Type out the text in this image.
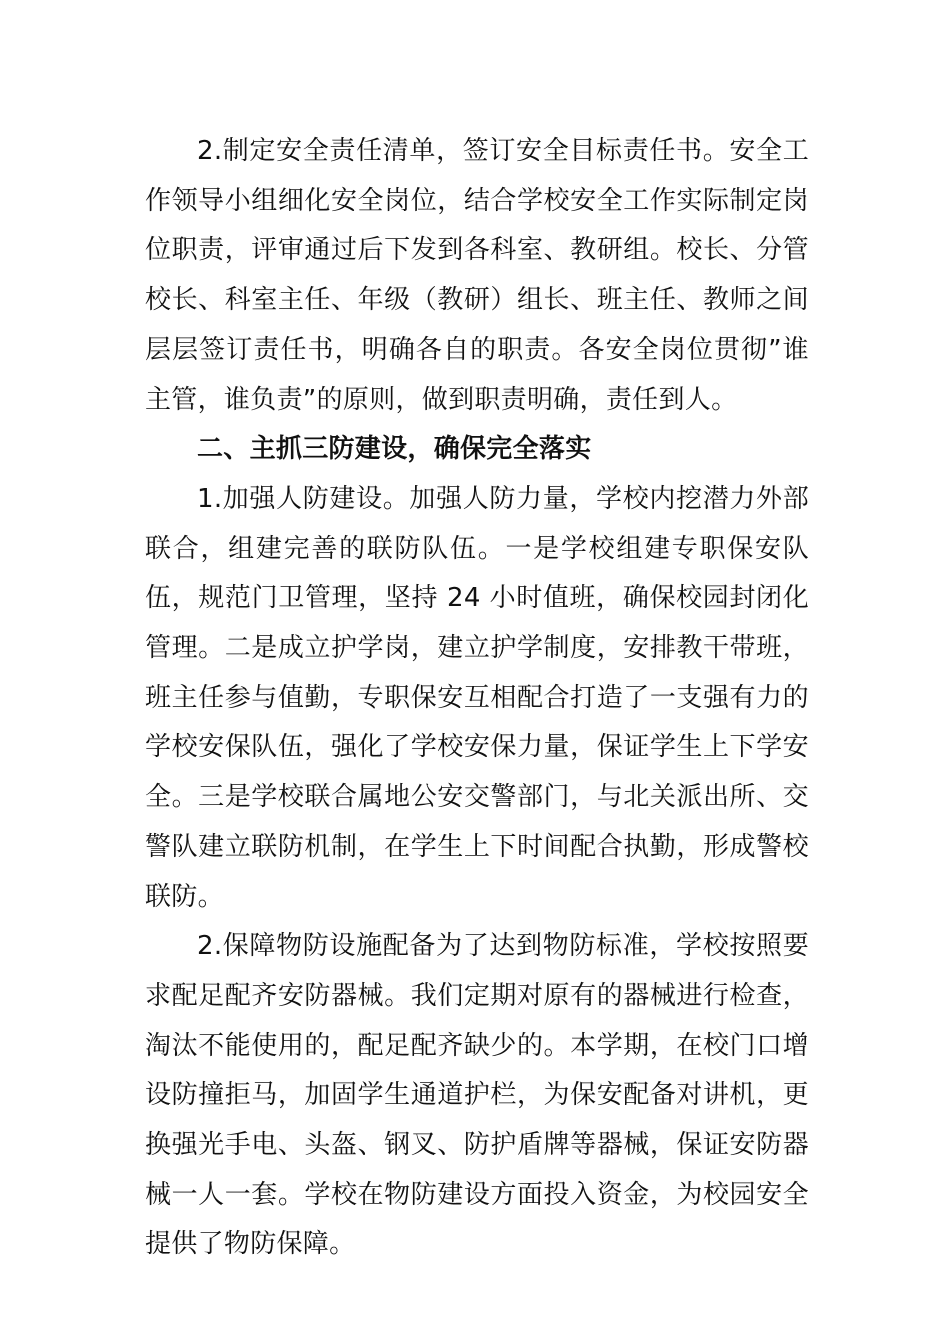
2.制定安全责任清单，签订安全目标责任书。安全工作领导小组细化安全岗位，结合学校安全工作实际制定岗位职责，评审通过后下发到各科室、教研组。校长、分管校长、科室主任、年级（教研）组长、班主任、教师之间层层签订责任书，明确各自的职责。各安全岗位贯彻”谁主管，谁负责”的原则，做到职责明确，责任到人。

二、主抓三防建设，确保完全落实

1.加强人防建设。加强人防力量，学校内挖潜力外部联合，组建完善的联防队伍。一是学校组建专职保安队伍，规范门卫管理，坚持 24 小时值班，确保校园封闭化管理。二是成立护学岗，建立护学制度，安排教干带班，班主任参与值勤，专职保安互相配合打造了一支强有力的学校安保队伍，强化了学校安保力量，保证学生上下学安全。三是学校联合属地公安交警部门，与北关派出所、交警队建立联防机制，在学生上下时间配合执勤，形成警校联防。

2.保障物防设施配备为了达到物防标准，学校按照要求配足配齐安防器械。我们定期对原有的器械进行检查，淘汰不能使用的，配足配齐缺少的。本学期，在校门口增设防撞拒马，加固学生通道护栏，为保安配备对讲机，更换强光手电、头盔、钢叉、防护盾牌等器械，保证安防器械一人一套。学校在物防建设方面投入资金，为校园安全提供了物防保障。
